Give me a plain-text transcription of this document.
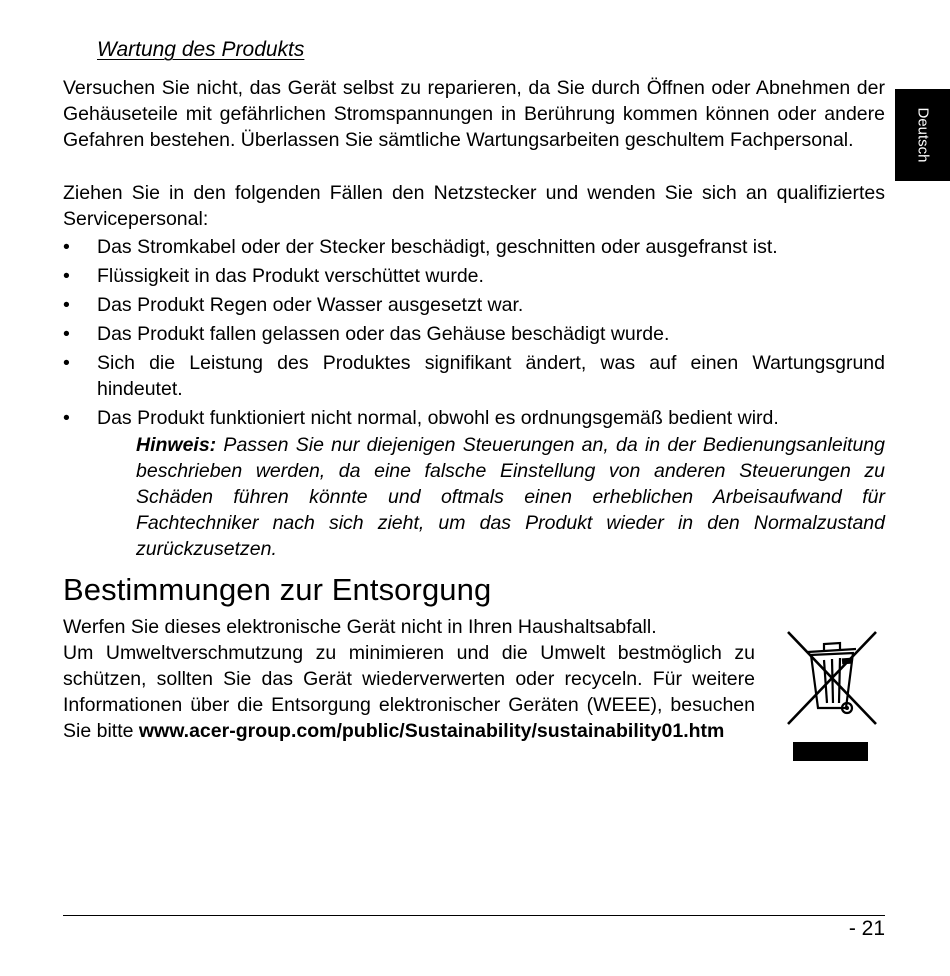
Deutsch
Wartung des Produkts

Versuchen Sie nicht, das Gerät selbst zu reparieren, da Sie durch Öffnen oder Abnehmen der Gehäuseteile mit gefährlichen Stromspannungen in Berührung kommen können oder andere Gefahren bestehen. Überlassen Sie sämtliche Wartungsarbeiten geschultem Fachpersonal.

Ziehen Sie in den folgenden Fällen den Netzstecker und wenden Sie sich an qualifiziertes Servicepersonal:

• Das Stromkabel oder der Stecker beschädigt, geschnitten oder ausgefranst ist.
• Flüssigkeit in das Produkt verschüttet wurde.
• Das Produkt Regen oder Wasser ausgesetzt war.
• Das Produkt fallen gelassen oder das Gehäuse beschädigt wurde.
• Sich die Leistung des Produktes signifikant ändert, was auf einen Wartungsgrund hindeutet.
• Das Produkt funktioniert nicht normal, obwohl es ordnungsgemäß bedient wird.

Hinweis: Passen Sie nur diejenigen Steuerungen an, da in der Bedienungsanleitung beschrieben werden, da eine falsche Einstellung von anderen Steuerungen zu Schäden führen könnte und oftmals einen erheblichen Arbeisaufwand für Fachtechniker nach sich zieht, um das Produkt wieder in den Normalzustand zurückzusetzen.

Bestimmungen zur Entsorgung

Werfen Sie dieses elektronische Gerät nicht in Ihren Haushaltsabfall.
Um Umweltverschmutzung zu minimieren und die Umwelt bestmöglich zu schützen, sollten Sie das Gerät wiederverwerten oder recyceln. Für weitere Informationen über die Entsorgung elektronischer Geräten (WEEE), besuchen Sie bitte www.acer-group.com/public/Sustainability/sustainability01.htm

- 21
